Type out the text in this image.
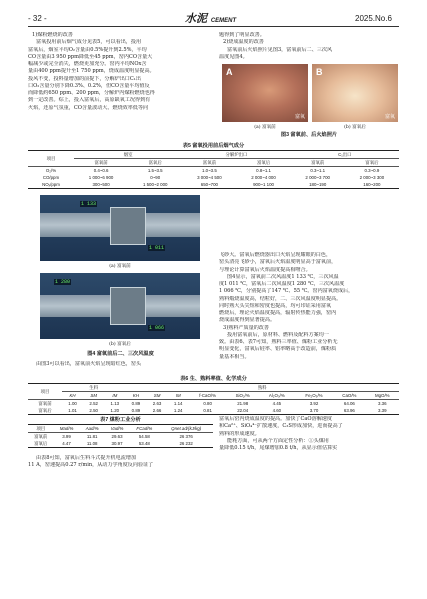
- 32 -	水泥 CEMENT	2025.No.6
1)煤粉燃烧的改善
富氧投用前后烟气成分见表5，可以看出，投用
富氧后，烟室平均O₂含量由0.5%提升到2.5%，平均
CO含量由3 950 ppm降低至45 ppm，窑内CO含量大
幅减少或完全消失，燃烧更加充分。窑内平均NOx含
量由400 ppm提升至1 750 ppm，烧成温度明显提高。
投风不变，投料量增加的前提下，分解炉出口C₁出
口O₂含量分别下降0.3%、0.2%，但CO含量平均值反
而降低约650 ppm、200 ppm，分解炉内煤粉燃烧也得
到一定改善。综上，投入富氧后，高原缺氧工况得到有
火焰，还原气氛重，CO含量波动大、燃烧效率低等问
题得到了明显改善。
2)烧成温度的改善
富氧前后火焰照片见图3，富氧前后二、三次风
温度见图4。
A
富氧
B
富氧
(a) 富氧前	(b) 富氧后
图3 富氧前、后火焰照片
表5 富氧投用前后烟气成分
项目	烟室		分解炉出口		C₁出口	
	富氧前	富氧后	富氧前	富氧后	富氧前	富氧后
O₂/%	0.4~0.6	1.5~3.5	1.0~3.5	0.8~1.1	0.3~1.1	0.3~0.9
CO/ppm	1 000~6 900	0~90	3 000~4 500	2 000~4 000	2 000~3 700	2 000~3 300
NOₓ/ppm	300~500	1 500~2 000	650~700	900~1 100	180~190	160~200
1 133
1 011
(a) 富氧前
1 280
1 066
(b) 富氧后
图4 富氧前后二、三次风温度
由图3可以看出，富氧前火焰呈现暗红色，窑头
飞砂大。富氧后燃烧器出口火焰呈现耀眼的白色，
窑头清亮飞砂小，富氧后火焰温度明显高于富氧前，
与理论计算富氧后火焰温度提高相吻合。
图4显示，富氧前二次风温度1 133 ℃，三次风温
度1 011 ℃，富氧后二次风温度1 280 ℃，三次风温度
1 066 ℃，分别提高了147 ℃、55 ℃。窑内富氧烧成后，
熟料煅烧温度高，结粒好，二、三次风温度明显提高。
同时熟大头尖短和密度也提高，均可印证采用富氧
燃烧后，理论火焰温度提高，辐射传热能力强，窑内
烧成温度得到显著提高。
3)熟料产质量的改善
投用富氧前后，原材料、燃料及配料方案均一
致。由表6、表7可知，熟料三率值、煤粉工业分析无
明显变化，富氧后硅率、铝率略高于改造前，煤粉质
量基本相当。
表6 生、熟料率值、化学成分
项目	生料			熟料								
	KH	SM	IM	KH	SM	IM	f-CaO/%	SiO₂/%	Al₂O₃/%	Fe₂O₃/%	CaO/%	MgO/%
富氧前	1.00	2.52	1.13	0.89	2.63	1.14	0.80	21.98	4.45	3.92	64.06	3.36
富氧后	1.01	2.50	1.20	0.89	2.66	1.24	0.81	22.04	4.60	3.70	63.96	3.39
表7 煤粉工业分析
项目	Mad/%	Aad/%	Vad/%	FCad/%	Qnet.ad/(kJ/kg)
富氧前	3.99	11.81	29.63	54.58	26 376
富氧后	4.47	11.08	30.97	53.48	26 232
由表8可知，富氧后生料斗式提升机电流增加
11 A，窑速提高0.27 r/min，从动力学角度反向验证了
富氧后窑内烧成温度的提高。加快了CaO溶解速度
和Ca²⁺、SiO₄⁴⁻扩散速度，C₃S形成加快，进而提高了
熟料的形成速度。
能耗方面，可从两个方面定性分析：①头煤用
量降低0.15 t/h，尾煤增加0.8 t/h，从显示值估算实
